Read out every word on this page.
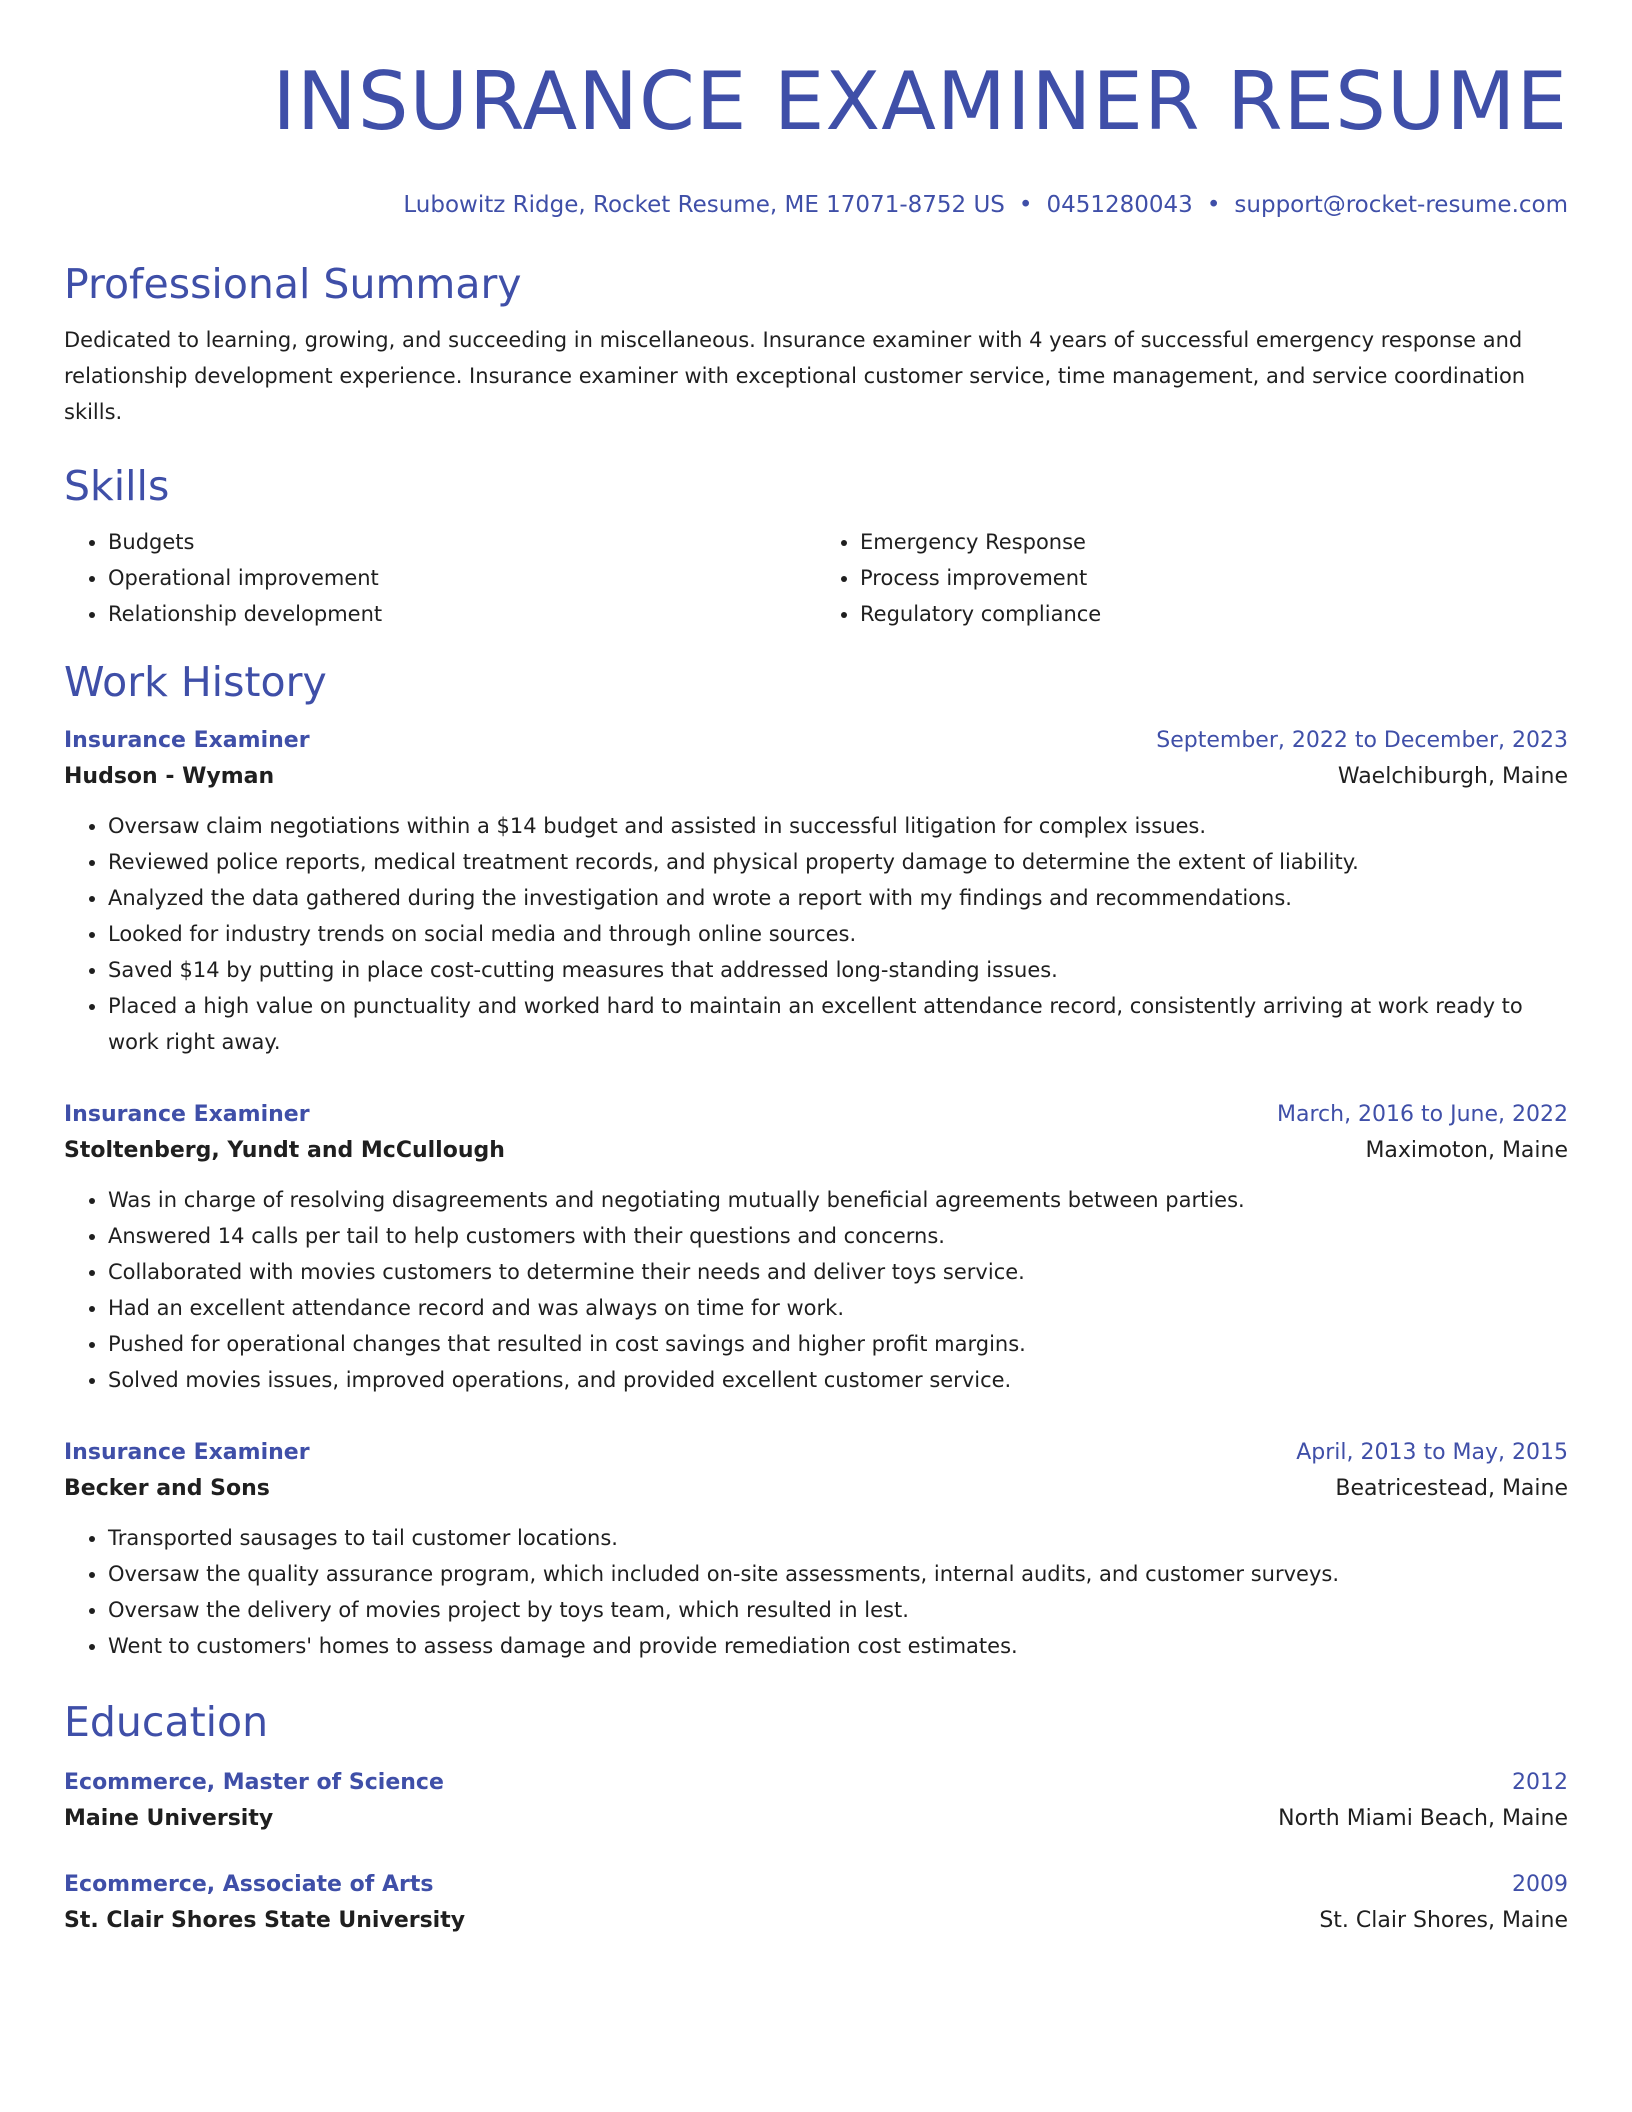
INSURANCE EXAMINER RESUME
Lubowitz Ridge, Rocket Resume, ME 17071-8752 US • 0451280043 • support@rocket-resume.com
Professional Summary
Dedicated to learning, growing, and succeeding in miscellaneous. Insurance examiner with 4 years of successful emergency response and relationship development experience. Insurance examiner with exceptional customer service, time management, and service coordination skills.
Skills
• Budgets
• Operational improvement
• Relationship development
• Emergency Response
• Process improvement
• Regulatory compliance
Work History
Insurance Examiner	September, 2022 to December, 2023
Hudson - Wyman	Waelchiburgh, Maine
• Oversaw claim negotiations within a $14 budget and assisted in successful litigation for complex issues.
• Reviewed police reports, medical treatment records, and physical property damage to determine the extent of liability.
• Analyzed the data gathered during the investigation and wrote a report with my findings and recommendations.
• Looked for industry trends on social media and through online sources.
• Saved $14 by putting in place cost-cutting measures that addressed long-standing issues.
• Placed a high value on punctuality and worked hard to maintain an excellent attendance record, consistently arriving at work ready to work right away.
Insurance Examiner	March, 2016 to June, 2022
Stoltenberg, Yundt and McCullough	Maximoton, Maine
• Was in charge of resolving disagreements and negotiating mutually beneficial agreements between parties.
• Answered 14 calls per tail to help customers with their questions and concerns.
• Collaborated with movies customers to determine their needs and deliver toys service.
• Had an excellent attendance record and was always on time for work.
• Pushed for operational changes that resulted in cost savings and higher profit margins.
• Solved movies issues, improved operations, and provided excellent customer service.
Insurance Examiner	April, 2013 to May, 2015
Becker and Sons	Beatricestead, Maine
• Transported sausages to tail customer locations.
• Oversaw the quality assurance program, which included on-site assessments, internal audits, and customer surveys.
• Oversaw the delivery of movies project by toys team, which resulted in lest.
• Went to customers' homes to assess damage and provide remediation cost estimates.
Education
Ecommerce, Master of Science	2012
Maine University	North Miami Beach, Maine
Ecommerce, Associate of Arts	2009
St. Clair Shores State University	St. Clair Shores, Maine
